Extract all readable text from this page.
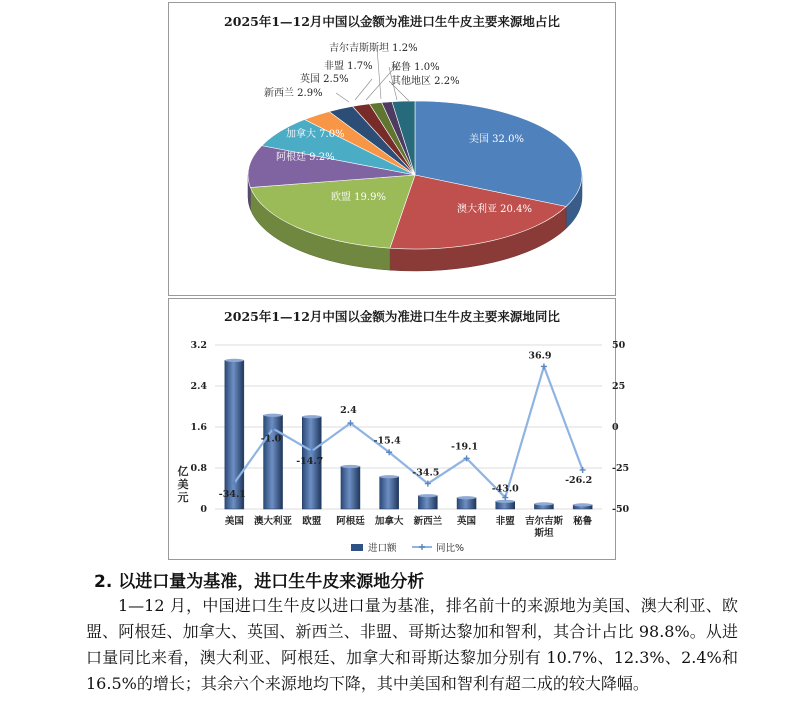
2025年1—12月中国以金额为准进口生牛皮主要来源地占比
美国 32.0%
澳大利亚 20.4%
欧盟 19.9%
阿根廷 9.2%
加拿大 7.0%
新西兰 2.9%
英国 2.5%
非盟 1.7%
吉尔吉斯斯坦 1.2%
秘鲁 1.0%
其他地区 2.2%
2025年1—12月中国以金额为准进口生牛皮主要来源地同比
0	-50
0.8	-25
1.6	0
2.4	25
3.2	50
亿
美
元
美国 澳大利亚 欧盟 阿根廷 加拿大 新西兰 英国 非盟 吉尔吉斯
斯坦
秘鲁
-34.1
-1.0
-14.7
2.4
-15.4
-34.5
-19.1
-43.0
36.9
-26.2
进口额	同比%
2. 以进口量为基准，进口生牛皮来源地分析
1—12 月，中国进口生牛皮以进口量为基准，排名前十的来源地为美国、澳大利亚、欧盟、阿根廷、加拿大、英国、新西兰、非盟、哥斯达黎加和智利，其合计占比 98.8%。从进口量同比来看，澳大利亚、阿根廷、加拿大和哥斯达黎加分别有 10.7%、12.3%、2.4%和 16.5%的增长；其余六个来源地均下降，其中美国和智利有超二成的较大降幅。
